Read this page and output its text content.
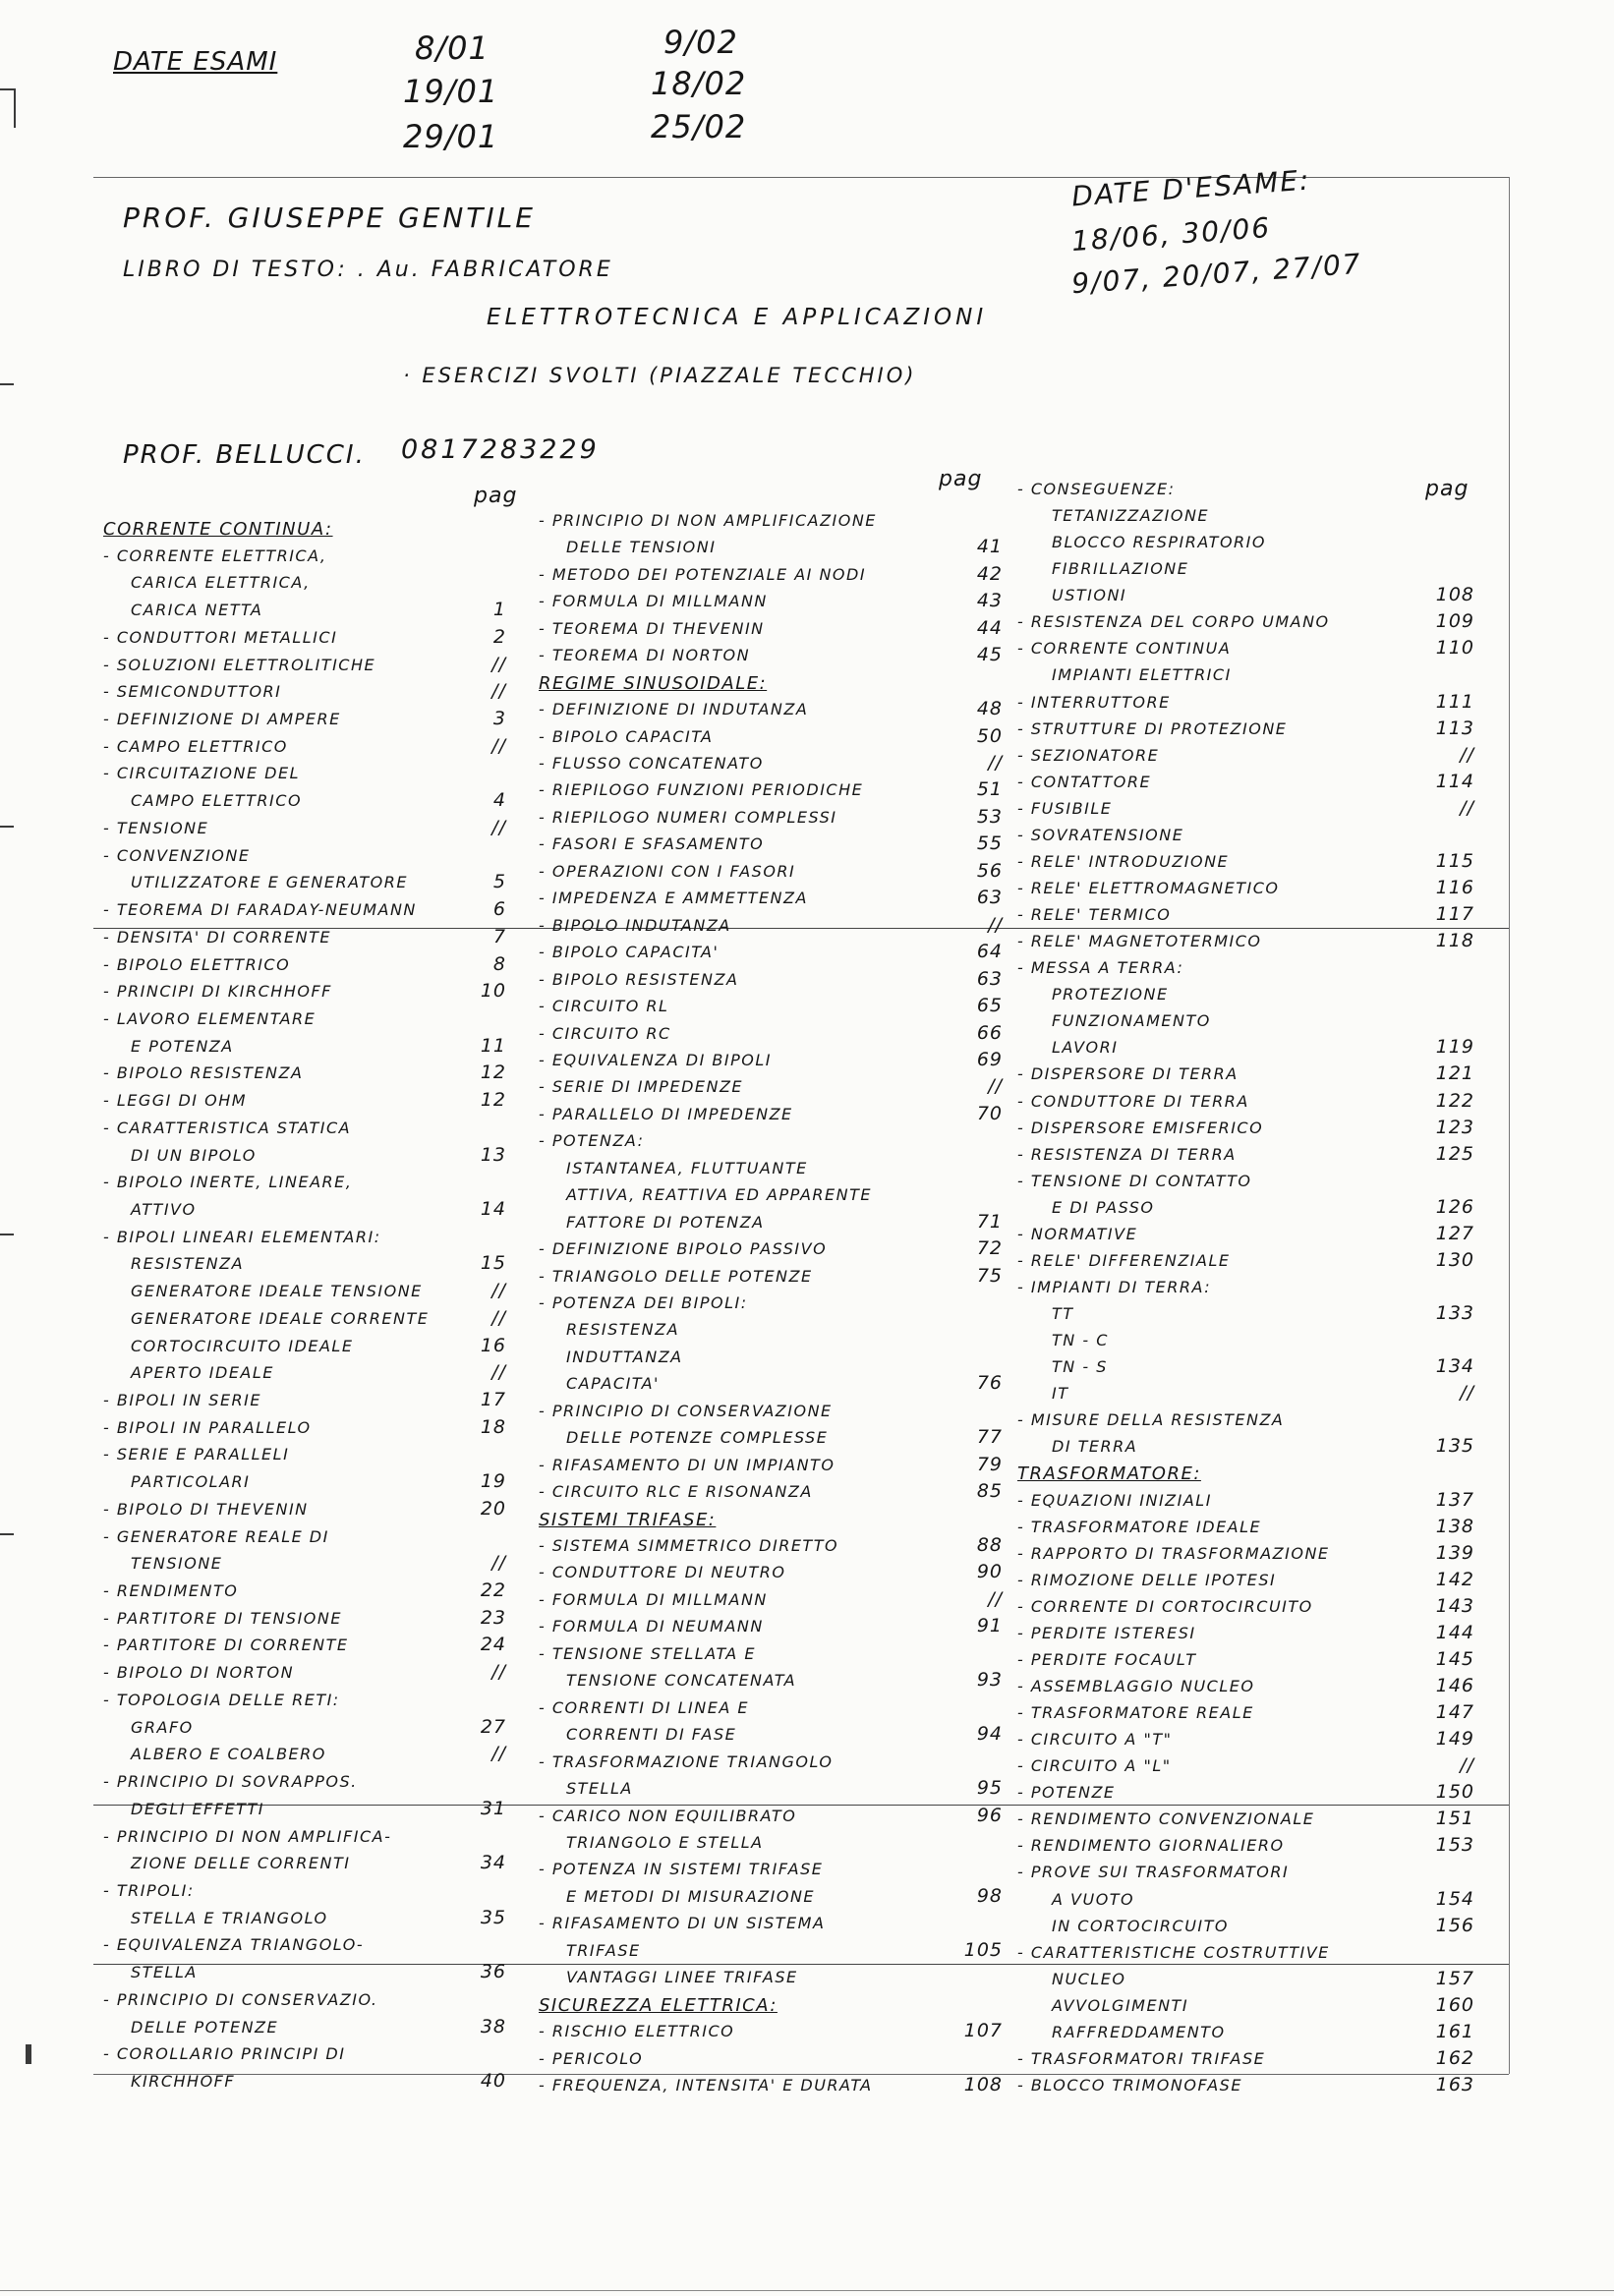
DATE ESAMI	8/01
19/01
29/01
9/02
18/02
25/02
PROF. GIUSEPPE GENTILE
LIBRO DI TESTO: . Au. FABRICATORE
ELETTROTECNICA E APPLICAZIONI
· ESERCIZI SVOLTI (PIAZZALE TECCHIO)
PROF. BELLUCCI. 0817283229
DATE D'ESAME:
18/06, 30/06
9/07, 20/07, 27/07
pag
pag	pag
CORRENTE CONTINUA:
- CORRENTE ELETTRICA,
CARICA ELETTRICA,
CARICA NETTA	1
- CONDUTTORI METALLICI	2
- SOLUZIONI ELETTROLITICHE	//
- SEMICONDUTTORI	//
- DEFINIZIONE DI AMPERE	3
- CAMPO ELETTRICO	//
- CIRCUITAZIONE DEL
CAMPO ELETTRICO	4
- TENSIONE	//
- CONVENZIONE
UTILIZZATORE E GENERATORE	5
- TEOREMA DI FARADAY-NEUMANN	6
- DENSITA' DI CORRENTE	7
- BIPOLO ELETTRICO	8
- PRINCIPI DI KIRCHHOFF	10
- LAVORO ELEMENTARE
E POTENZA	11
- BIPOLO RESISTENZA	12
- LEGGI DI OHM	12
- CARATTERISTICA STATICA
DI UN BIPOLO	13
- BIPOLO INERTE, LINEARE,
ATTIVO	14
- BIPOLI LINEARI ELEMENTARI:
RESISTENZA	15
GENERATORE IDEALE TENSIONE	//
GENERATORE IDEALE CORRENTE	//
CORTOCIRCUITO IDEALE	16
APERTO IDEALE	//
- BIPOLI IN SERIE	17
- BIPOLI IN PARALLELO	18
- SERIE E PARALLELI
PARTICOLARI	19
- BIPOLO DI THEVENIN	20
- GENERATORE REALE DI
TENSIONE	//
- RENDIMENTO	22
- PARTITORE DI TENSIONE	23
- PARTITORE DI CORRENTE	24
- BIPOLO DI NORTON	//
- TOPOLOGIA DELLE RETI:
GRAFO	27
ALBERO E COALBERO	//
- PRINCIPIO DI SOVRAPPOS.
DEGLI EFFETTI	31
- PRINCIPIO DI NON AMPLIFICA-
ZIONE DELLE CORRENTI	34
- TRIPOLI:
STELLA E TRIANGOLO	35
- EQUIVALENZA TRIANGOLO-
STELLA	36
- PRINCIPIO DI CONSERVAZIO.
DELLE POTENZE	38
- COROLLARIO PRINCIPI DI
KIRCHHOFF	40
- PRINCIPIO DI NON AMPLIFICAZIONE
DELLE TENSIONI	41
- METODO DEI POTENZIALE AI NODI	42
- FORMULA DI MILLMANN	43
- TEOREMA DI THEVENIN	44
- TEOREMA DI NORTON	45
REGIME SINUSOIDALE:
- DEFINIZIONE DI INDUTANZA	48
- BIPOLO CAPACITA	50
- FLUSSO CONCATENATO	//
- RIEPILOGO FUNZIONI PERIODICHE	51
- RIEPILOGO NUMERI COMPLESSI	53
- FASORI E SFASAMENTO	55
- OPERAZIONI CON I FASORI	56
- IMPEDENZA E AMMETTENZA	63
- BIPOLO INDUTANZA	//
- BIPOLO CAPACITA'	64
- BIPOLO RESISTENZA	63
- CIRCUITO RL	65
- CIRCUITO RC	66
- EQUIVALENZA DI BIPOLI	69
- SERIE DI IMPEDENZE	//
- PARALLELO DI IMPEDENZE	70
- POTENZA:
ISTANTANEA, FLUTTUANTE
ATTIVA, REATTIVA ED APPARENTE
FATTORE DI POTENZA	71
- DEFINIZIONE BIPOLO PASSIVO	72
- TRIANGOLO DELLE POTENZE	75
- POTENZA DEI BIPOLI:
RESISTENZA
INDUTTANZA
CAPACITA'	76
- PRINCIPIO DI CONSERVAZIONE
DELLE POTENZE COMPLESSE	77
- RIFASAMENTO DI UN IMPIANTO	79
- CIRCUITO RLC E RISONANZA	85
SISTEMI TRIFASE:
- SISTEMA SIMMETRICO DIRETTO	88
- CONDUTTORE DI NEUTRO	90
- FORMULA DI MILLMANN	//
- FORMULA DI NEUMANN	91
- TENSIONE STELLATA E
TENSIONE CONCATENATA	93
- CORRENTI DI LINEA E
CORRENTI DI FASE	94
- TRASFORMAZIONE TRIANGOLO
STELLA	95
- CARICO NON EQUILIBRATO	96
TRIANGOLO E STELLA
- POTENZA IN SISTEMI TRIFASE
E METODI DI MISURAZIONE	98
- RIFASAMENTO DI UN SISTEMA
TRIFASE	105
VANTAGGI LINEE TRIFASE
SICUREZZA ELETTRICA:
- RISCHIO ELETTRICO	107
- PERICOLO
- FREQUENZA, INTENSITA' E DURATA	108
- CONSEGUENZE:
TETANIZZAZIONE
BLOCCO RESPIRATORIO
FIBRILLAZIONE
USTIONI	108
- RESISTENZA DEL CORPO UMANO	109
- CORRENTE CONTINUA	110
IMPIANTI ELETTRICI
- INTERRUTTORE	111
- STRUTTURE DI PROTEZIONE	113
- SEZIONATORE	//
- CONTATTORE	114
- FUSIBILE	//
- SOVRATENSIONE
- RELE' INTRODUZIONE	115
- RELE' ELETTROMAGNETICO	116
- RELE' TERMICO	117
- RELE' MAGNETOTERMICO	118
- MESSA A TERRA:
PROTEZIONE
FUNZIONAMENTO
LAVORI	119
- DISPERSORE DI TERRA	121
- CONDUTTORE DI TERRA	122
- DISPERSORE EMISFERICO	123
- RESISTENZA DI TERRA	125
- TENSIONE DI CONTATTO
E DI PASSO	126
- NORMATIVE	127
- RELE' DIFFERENZIALE	130
- IMPIANTI DI TERRA:
TT	133
TN - C
TN - S	134
IT	//
- MISURE DELLA RESISTENZA
DI TERRA	135
TRASFORMATORE:
- EQUAZIONI INIZIALI	137
- TRASFORMATORE IDEALE	138
- RAPPORTO DI TRASFORMAZIONE	139
- RIMOZIONE DELLE IPOTESI	142
- CORRENTE DI CORTOCIRCUITO	143
- PERDITE ISTERESI	144
- PERDITE FOCAULT	145
- ASSEMBLAGGIO NUCLEO	146
- TRASFORMATORE REALE	147
- CIRCUITO A "T"	149
- CIRCUITO A "L"	//
- POTENZE	150
- RENDIMENTO CONVENZIONALE	151
- RENDIMENTO GIORNALIERO	153
- PROVE SUI TRASFORMATORI
A VUOTO	154
IN CORTOCIRCUITO	156
- CARATTERISTICHE COSTRUTTIVE
NUCLEO	157
AVVOLGIMENTI	160
RAFFREDDAMENTO	161
- TRASFORMATORI TRIFASE	162
- BLOCCO TRIMONOFASE	163
